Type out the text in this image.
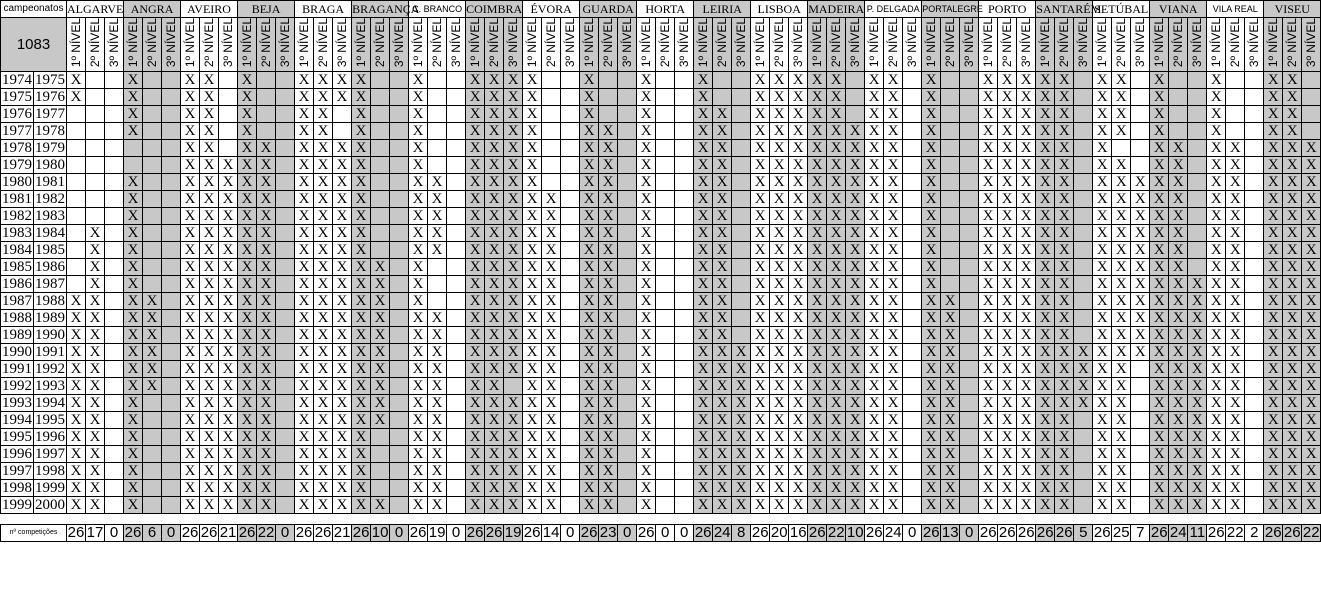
campeonatos	ALGARVE	ANGRA	AVEIRO	BEJA	BRAGA	BRAGANÇA	C. BRANCO	COIMBRA	ÉVORA	GUARDA	HORTA	LEIRIA	LISBOA	MADEIRA	P. DELGADA	PORTALEGRE	PORTO	SANTARÉM	SETÚBAL	VIANA	VILA REAL	VISEU
1083	1º NÍVEL	2º NÍVEL	3º NÍVEL	1º NÍVEL	2º NÍVEL	3º NÍVEL	1º NÍVEL	2º NÍVEL	3º NÍVEL	1º NÍVEL	2º NÍVEL	3º NÍVEL	1º NÍVEL	2º NÍVEL	3º NÍVEL	1º NÍVEL	2º NÍVEL	3º NÍVEL	1º NÍVEL	2º NÍVEL	3º NÍVEL	1º NÍVEL	2º NÍVEL	3º NÍVEL	1º NÍVEL	2º NÍVEL	3º NÍVEL	1º NÍVEL	2º NÍVEL	3º NÍVEL	1º NÍVEL	2º NÍVEL	3º NÍVEL	1º NÍVEL	2º NÍVEL	3º NÍVEL	1º NÍVEL	2º NÍVEL	3º NÍVEL	1º NÍVEL	2º NÍVEL	3º NÍVEL	1º NÍVEL	2º NÍVEL	3º NÍVEL	1º NÍVEL	2º NÍVEL	3º NÍVEL	1º NÍVEL	2º NÍVEL	3º NÍVEL	1º NÍVEL	2º NÍVEL	3º NÍVEL	1º NÍVEL	2º NÍVEL	3º NÍVEL	1º NÍVEL	2º NÍVEL	3º NÍVEL	1º NÍVEL	2º NÍVEL	3º NÍVEL	1º NÍVEL	2º NÍVEL	3º NÍVEL
1974	1975	X			X			X	X		X			X	X	X	X			X			X	X	X	X			X			X			X			X	X	X	X	X		X	X		X			X	X	X	X	X		X	X		X			X			X	X	
1975	1976	X			X			X	X		X			X	X	X	X			X			X	X	X	X			X			X			X			X	X	X	X	X		X	X		X			X	X	X	X	X		X	X		X			X			X	X	
1976	1977				X			X	X		X			X	X		X			X			X	X	X	X			X			X			X	X		X	X	X	X	X		X	X		X			X	X	X	X	X		X	X		X			X			X	X	
1977	1978				X			X	X		X			X	X		X			X			X	X	X	X			X	X		X			X	X		X	X	X	X	X	X	X	X		X			X	X	X	X	X		X	X		X			X			X	X	
1978	1979							X	X		X	X		X	X	X	X			X			X	X	X	X			X	X		X			X	X		X	X	X	X	X	X	X	X		X			X	X	X	X	X		X			X	X		X	X		X	X	X
1979	1980							X	X	X	X	X		X	X	X	X			X			X	X	X	X			X	X		X			X	X		X	X	X	X	X	X	X	X		X			X	X	X	X	X		X	X		X	X		X	X		X	X	X
1980	1981				X			X	X	X	X	X		X	X	X	X			X	X		X	X	X	X			X	X		X			X	X		X	X	X	X	X	X	X	X		X			X	X	X	X	X		X	X	X	X	X		X	X		X	X	X
1981	1982				X			X	X	X	X	X		X	X	X	X			X	X		X	X	X	X	X		X	X		X			X	X		X	X	X	X	X	X	X	X		X			X	X	X	X	X		X	X	X	X	X		X	X		X	X	X
1982	1983				X			X	X	X	X	X		X	X	X	X			X	X		X	X	X	X	X		X	X		X			X	X		X	X	X	X	X	X	X	X		X			X	X	X	X	X		X	X	X	X	X		X	X		X	X	X
1983	1984		X		X			X	X	X	X	X		X	X	X	X			X	X		X	X	X	X	X		X	X		X			X	X		X	X	X	X	X	X	X	X		X			X	X	X	X	X		X	X	X	X	X		X	X		X	X	X
1984	1985		X		X			X	X	X	X	X		X	X	X	X			X	X		X	X	X	X	X		X	X		X			X	X		X	X	X	X	X	X	X	X		X			X	X	X	X	X		X	X	X	X	X		X	X		X	X	X
1985	1986		X		X			X	X	X	X	X		X	X	X	X	X		X			X	X	X	X	X		X	X		X			X	X		X	X	X	X	X	X	X	X		X			X	X	X	X	X		X	X	X	X	X		X	X		X	X	X
1986	1987		X		X			X	X	X	X	X		X	X	X	X	X		X			X	X	X	X	X		X	X		X			X	X		X	X	X	X	X	X	X	X		X			X	X	X	X	X		X	X	X	X	X	X	X	X		X	X	X
1987	1988	X	X		X	X		X	X	X	X	X		X	X	X	X	X		X			X	X	X	X	X		X	X		X			X	X		X	X	X	X	X	X	X	X		X	X		X	X	X	X	X		X	X	X	X	X	X	X	X		X	X	X
1988	1989	X	X		X	X		X	X	X	X	X		X	X	X	X	X		X	X		X	X	X	X	X		X	X		X			X	X		X	X	X	X	X	X	X	X		X	X		X	X	X	X	X		X	X	X	X	X	X	X	X		X	X	X
1989	1990	X	X		X	X		X	X	X	X	X		X	X	X	X	X		X	X		X	X	X	X	X		X	X		X			X	X		X	X	X	X	X	X	X	X		X	X		X	X	X	X	X		X	X	X	X	X	X	X	X		X	X	X
1990	1991	X	X		X	X		X	X	X	X	X		X	X	X	X	X		X	X		X	X	X	X	X		X	X		X			X	X	X	X	X	X	X	X	X	X	X		X	X		X	X	X	X	X	X	X	X	X	X	X	X	X	X		X	X	X
1991	1992	X	X		X	X		X	X	X	X	X		X	X	X	X	X		X	X		X	X	X	X	X		X	X		X			X	X	X	X	X	X	X	X	X	X	X		X	X		X	X	X	X	X	X	X	X		X	X	X	X	X		X	X	X
1992	1993	X	X		X	X		X	X	X	X	X		X	X	X	X	X		X	X		X	X		X	X		X	X		X			X	X	X	X	X	X	X	X	X	X	X		X	X		X	X	X	X	X	X	X	X		X	X	X	X	X		X	X	X
1993	1994	X	X		X			X	X	X	X	X		X	X	X	X	X		X	X		X	X	X	X	X		X	X		X			X	X	X	X	X	X	X	X	X	X	X		X	X		X	X	X	X	X	X	X	X		X	X	X	X	X		X	X	X
1994	1995	X	X		X			X	X	X	X	X		X	X	X	X	X		X	X		X	X	X	X	X		X	X		X			X	X	X	X	X	X	X	X	X	X	X		X	X		X	X	X	X	X		X	X		X	X	X	X	X		X	X	X
1995	1996	X	X		X			X	X	X	X	X		X	X	X	X			X	X		X	X	X	X	X		X	X		X			X	X	X	X	X	X	X	X	X	X	X		X	X		X	X	X	X	X		X	X		X	X	X	X	X		X	X	X
1996	1997	X	X		X			X	X	X	X	X		X	X	X	X			X	X		X	X	X	X	X		X	X		X			X	X	X	X	X	X	X	X	X	X	X		X	X		X	X	X	X	X		X	X		X	X	X	X	X		X	X	X
1997	1998	X	X		X			X	X	X	X	X		X	X	X	X			X	X		X	X	X	X	X		X	X		X			X	X	X	X	X	X	X	X	X	X	X		X	X		X	X	X	X	X		X	X		X	X	X	X	X		X	X	X
1998	1999	X	X		X			X	X	X	X	X		X	X	X	X			X	X		X	X	X	X	X		X	X		X			X	X	X	X	X	X	X	X	X	X	X		X	X		X	X	X	X	X		X	X		X	X	X	X	X		X	X	X
1999	2000	X	X		X			X	X	X	X	X		X	X	X	X	X		X	X		X	X	X	X	X		X	X		X			X	X	X	X	X	X	X	X	X	X	X		X	X		X	X	X	X	X		X	X		X	X	X	X	X		X	X	X

nº competições	26	17	0	26	6	0	26	26	21	26	22	0	26	26	21	26	10	0	26	19	0	26	26	19	26	14	0	26	23	0	26	0	0	26	24	8	26	20	16	26	22	10	26	24	0	26	13	0	26	26	26	26	26	5	26	25	7	26	24	11	26	22	2	26	26	22
